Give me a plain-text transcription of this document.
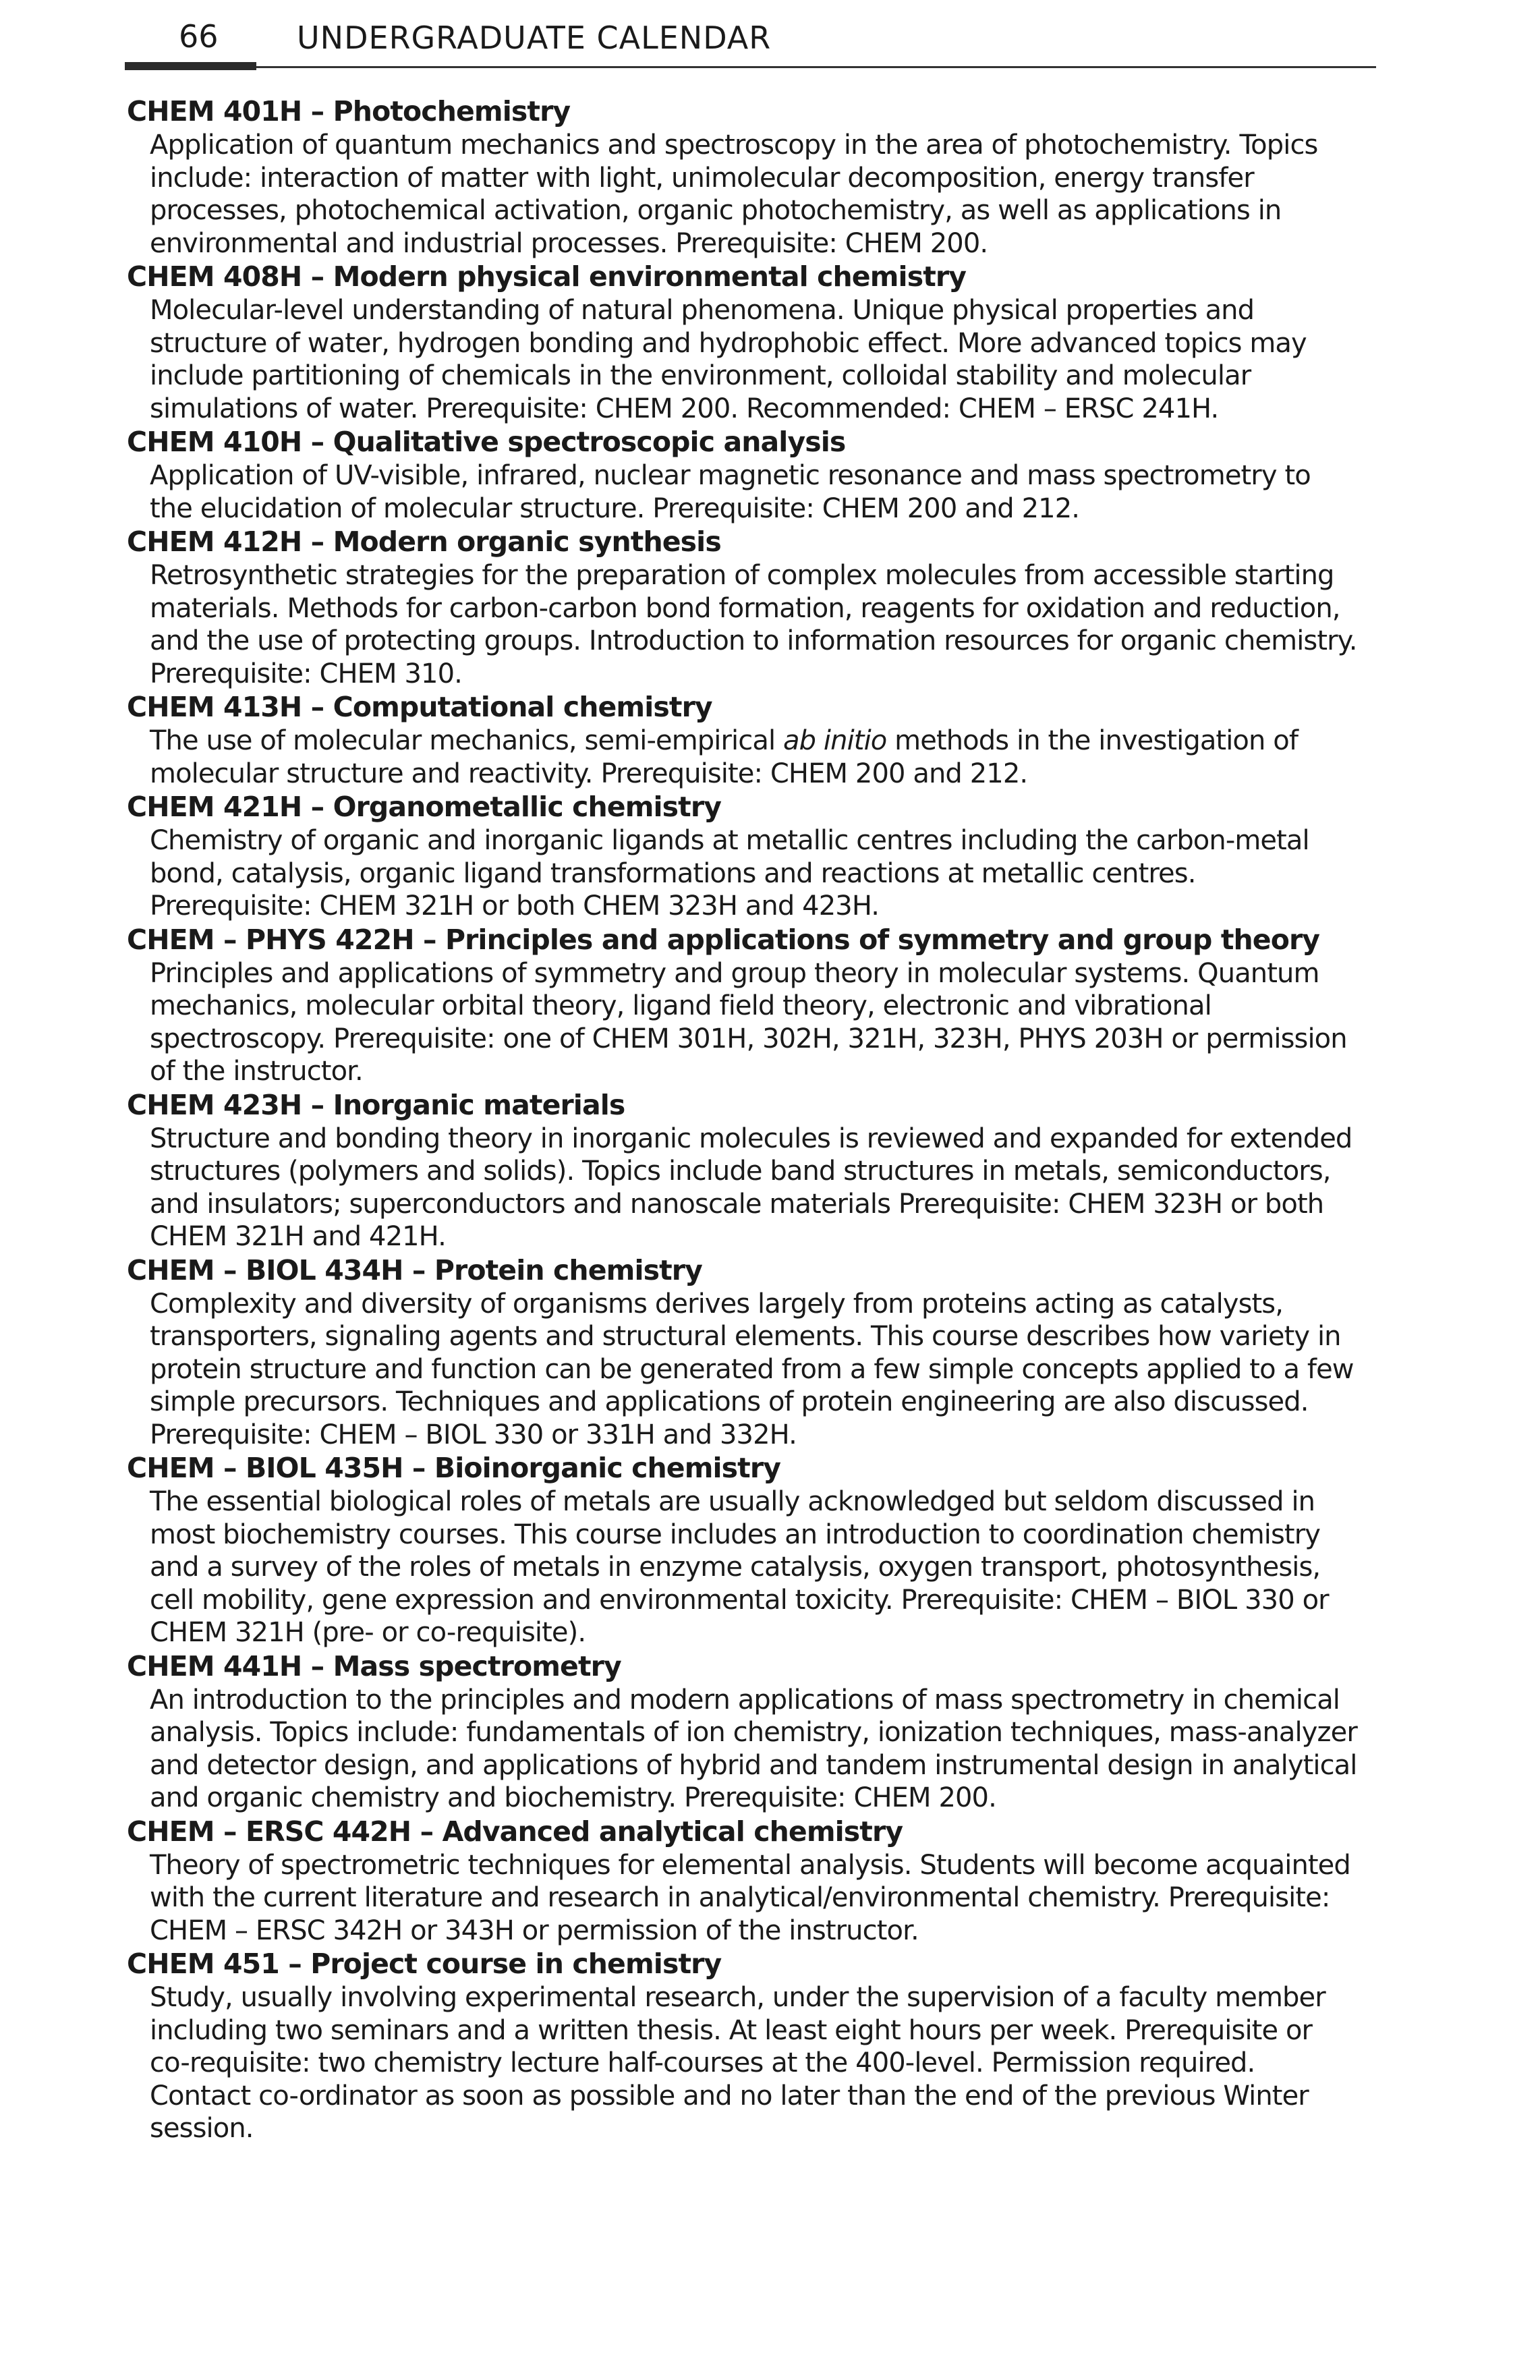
66	UNDERGRADUATE CALENDAR
CHEM 401H – Photochemistry
Application of quantum mechanics and spectroscopy in the area of photochemistry. Topics include: interaction of matter with light, unimolecular decomposition, energy transfer processes, photochemical activation, organic photochemistry, as well as applications in environmental and industrial processes. Prerequisite: CHEM 200.
CHEM 408H – Modern physical environmental chemistry
Molecular-level understanding of natural phenomena. Unique physical properties and structure of water, hydrogen bonding and hydrophobic effect. More advanced topics may include partitioning of chemicals in the environment, colloidal stability and molecular simulations of water. Prerequisite: CHEM 200. Recommended: CHEM – ERSC 241H.
CHEM 410H – Qualitative spectroscopic analysis
Application of UV-visible, infrared, nuclear magnetic resonance and mass spectrometry to the elucidation of molecular structure. Prerequisite: CHEM 200 and 212.
CHEM 412H – Modern organic synthesis
Retrosynthetic strategies for the preparation of complex molecules from accessible starting materials. Methods for carbon-carbon bond formation, reagents for oxidation and reduction, and the use of protecting groups. Introduction to information resources for organic chemistry. Prerequisite: CHEM 310.
CHEM 413H – Computational chemistry
The use of molecular mechanics, semi-empirical ab initio methods in the investigation of molecular structure and reactivity. Prerequisite: CHEM 200 and 212.
CHEM 421H – Organometallic chemistry
Chemistry of organic and inorganic ligands at metallic centres including the carbon-metal bond, catalysis, organic ligand transformations and reactions at metallic centres. Prerequisite: CHEM 321H or both CHEM 323H and 423H.
CHEM – PHYS 422H – Principles and applications of symmetry and group theory
Principles and applications of symmetry and group theory in molecular systems. Quantum mechanics, molecular orbital theory, ligand field theory, electronic and vibrational spectroscopy. Prerequisite: one of CHEM 301H, 302H, 321H, 323H, PHYS 203H or permission of the instructor.
CHEM 423H – Inorganic materials
Structure and bonding theory in inorganic molecules is reviewed and expanded for extended structures (polymers and solids). Topics include band structures in metals, semiconductors, and insulators; superconductors and nanoscale materials Prerequisite: CHEM 323H or both CHEM 321H and 421H.
CHEM – BIOL 434H – Protein chemistry
Complexity and diversity of organisms derives largely from proteins acting as catalysts, transporters, signaling agents and structural elements. This course describes how variety in protein structure and function can be generated from a few simple concepts applied to a few simple precursors. Techniques and applications of protein engineering are also discussed. Prerequisite: CHEM – BIOL 330 or 331H and 332H.
CHEM – BIOL 435H – Bioinorganic chemistry
The essential biological roles of metals are usually acknowledged but seldom discussed in most biochemistry courses. This course includes an introduction to coordination chemistry and a survey of the roles of metals in enzyme catalysis, oxygen transport, photosynthesis, cell mobility, gene expression and environmental toxicity. Prerequisite: CHEM – BIOL 330 or CHEM 321H (pre- or co-requisite).
CHEM 441H – Mass spectrometry
An introduction to the principles and modern applications of mass spectrometry in chemical analysis. Topics include: fundamentals of ion chemistry, ionization techniques, mass-analyzer and detector design, and applications of hybrid and tandem instrumental design in analytical and organic chemistry and biochemistry. Prerequisite: CHEM 200.
CHEM – ERSC 442H – Advanced analytical chemistry
Theory of spectrometric techniques for elemental analysis. Students will become acquainted with the current literature and research in analytical/environmental chemistry. Prerequisite: CHEM – ERSC 342H or 343H or permission of the instructor.
CHEM 451 – Project course in chemistry
Study, usually involving experimental research, under the supervision of a faculty member including two seminars and a written thesis. At least eight hours per week. Prerequisite or co-requisite: two chemistry lecture half-courses at the 400-level. Permission required. Contact co-ordinator as soon as possible and no later than the end of the previous Winter session.
